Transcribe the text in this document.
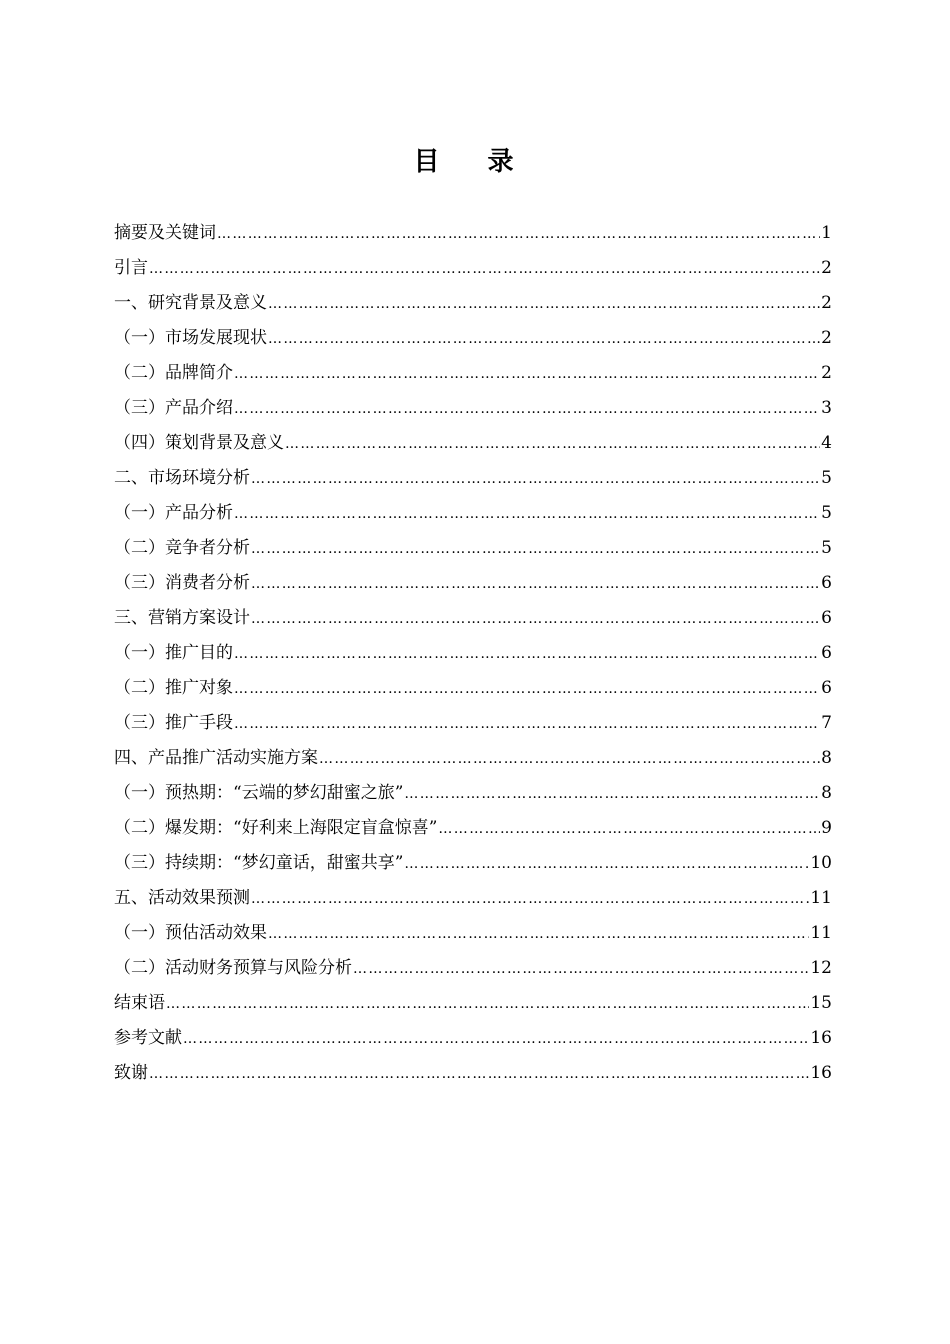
目录
摘要及关键词 ………………………………………………………………………………………………………………………………………………………………………………………………………………	1
引言 ………………………………………………………………………………………………………………………………………………………………………………………………………………	2
一、研究背景及意义 ………………………………………………………………………………………………………………………………………………………………………………………………………………	2
（一）市场发展现状 ………………………………………………………………………………………………………………………………………………………………………………………………………………	2
（二）品牌简介 ………………………………………………………………………………………………………………………………………………………………………………………………………………	2
（三）产品介绍 ………………………………………………………………………………………………………………………………………………………………………………………………………………	3
（四）策划背景及意义 ………………………………………………………………………………………………………………………………………………………………………………………………………………	4
二、市场环境分析 ………………………………………………………………………………………………………………………………………………………………………………………………………………	5
（一）产品分析 ………………………………………………………………………………………………………………………………………………………………………………………………………………	5
（二）竞争者分析 ………………………………………………………………………………………………………………………………………………………………………………………………………………	5
（三）消费者分析 ………………………………………………………………………………………………………………………………………………………………………………………………………………	6
三、营销方案设计 ………………………………………………………………………………………………………………………………………………………………………………………………………………	6
（一）推广目的 ………………………………………………………………………………………………………………………………………………………………………………………………………………	6
（二）推广对象 ………………………………………………………………………………………………………………………………………………………………………………………………………………	6
（三）推广手段 ………………………………………………………………………………………………………………………………………………………………………………………………………………	7
四、产品推广活动实施方案 ………………………………………………………………………………………………………………………………………………………………………………………………………………	8
（一）预热期：“云端的梦幻甜蜜之旅” ………………………………………………………………………………………………………………………………………………………………………………………………………………	8
（二）爆发期：“好利来上海限定盲盒惊喜” ………………………………………………………………………………………………………………………………………………………………………………………………………………	9
（三）持续期：“梦幻童话，甜蜜共享” ………………………………………………………………………………………………………………………………………………………………………………………………………………	10
五、活动效果预测 ………………………………………………………………………………………………………………………………………………………………………………………………………………	11
（一）预估活动效果 ………………………………………………………………………………………………………………………………………………………………………………………………………………	11
（二）活动财务预算与风险分析 ………………………………………………………………………………………………………………………………………………………………………………………………………………	12
结束语 ………………………………………………………………………………………………………………………………………………………………………………………………………………	15
参考文献 ………………………………………………………………………………………………………………………………………………………………………………………………………………	16
致谢 ………………………………………………………………………………………………………………………………………………………………………………………………………………	16
